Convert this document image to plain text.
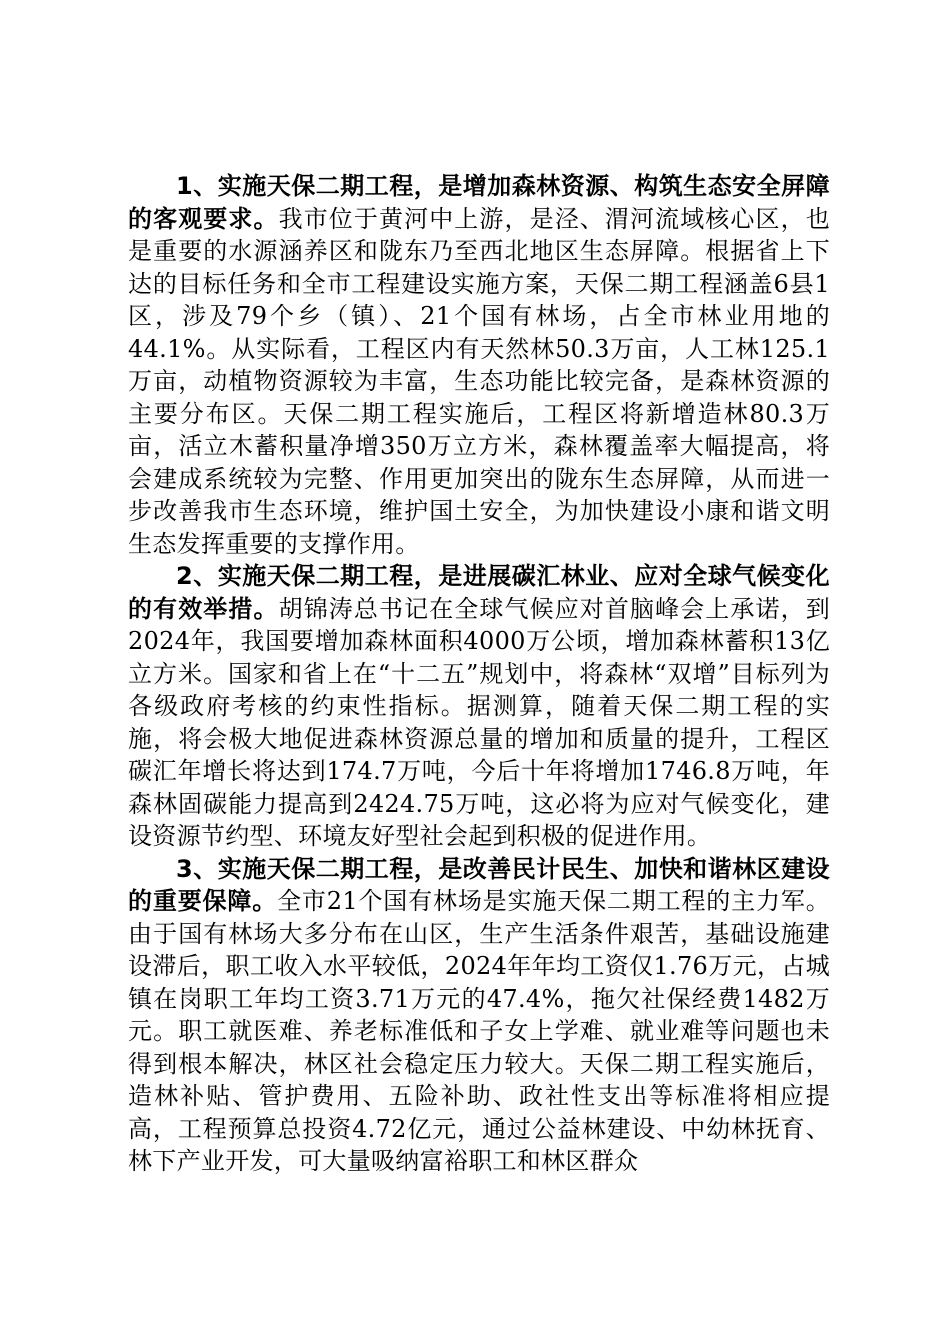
1、实施天保二期工程，是增加森林资源、构筑生态安全屏障的客观要求。我市位于黄河中上游，是泾、渭河流域核心区，也是重要的水源涵养区和陇东乃至西北地区生态屏障。根据省上下达的目标任务和全市工程建设实施方案，天保二期工程涵盖6县1区，涉及79个乡（镇）、21个国有林场，占全市林业用地的44.1%。从实际看，工程区内有天然林50.3万亩，人工林125.1万亩，动植物资源较为丰富，生态功能比较完备，是森林资源的主要分布区。天保二期工程实施后，工程区将新增造林80.3万亩，活立木蓄积量净增350万立方米，森林覆盖率大幅提高，将会建成系统较为完整、作用更加突出的陇东生态屏障，从而进一步改善我市生态环境，维护国土安全，为加快建设小康和谐文明生态发挥重要的支撑作用。

2、实施天保二期工程，是进展碳汇林业、应对全球气候变化的有效举措。胡锦涛总书记在全球气候应对首脑峰会上承诺，到2024年，我国要增加森林面积4000万公顷，增加森林蓄积13亿立方米。国家和省上在“十二五”规划中，将森林“双增”目标列为各级政府考核的约束性指标。据测算，随着天保二期工程的实施，将会极大地促进森林资源总量的增加和质量的提升，工程区碳汇年增长将达到174.7万吨，今后十年将增加1746.8万吨，年森林固碳能力提高到2424.75万吨，这必将为应对气候变化，建设资源节约型、环境友好型社会起到积极的促进作用。

3、实施天保二期工程，是改善民计民生、加快和谐林区建设的重要保障。全市21个国有林场是实施天保二期工程的主力军。由于国有林场大多分布在山区，生产生活条件艰苦，基础设施建设滞后，职工收入水平较低，2024年年均工资仅1.76万元，占城镇在岗职工年均工资3.71万元的47.4%，拖欠社保经费1482万元。职工就医难、养老标准低和子女上学难、就业难等问题也未得到根本解决，林区社会稳定压力较大。天保二期工程实施后，造林补贴、管护费用、五险补助、政社性支出等标准将相应提高，工程预算总投资4.72亿元，通过公益林建设、中幼林抚育、林下产业开发，可大量吸纳富裕职工和林区群众
